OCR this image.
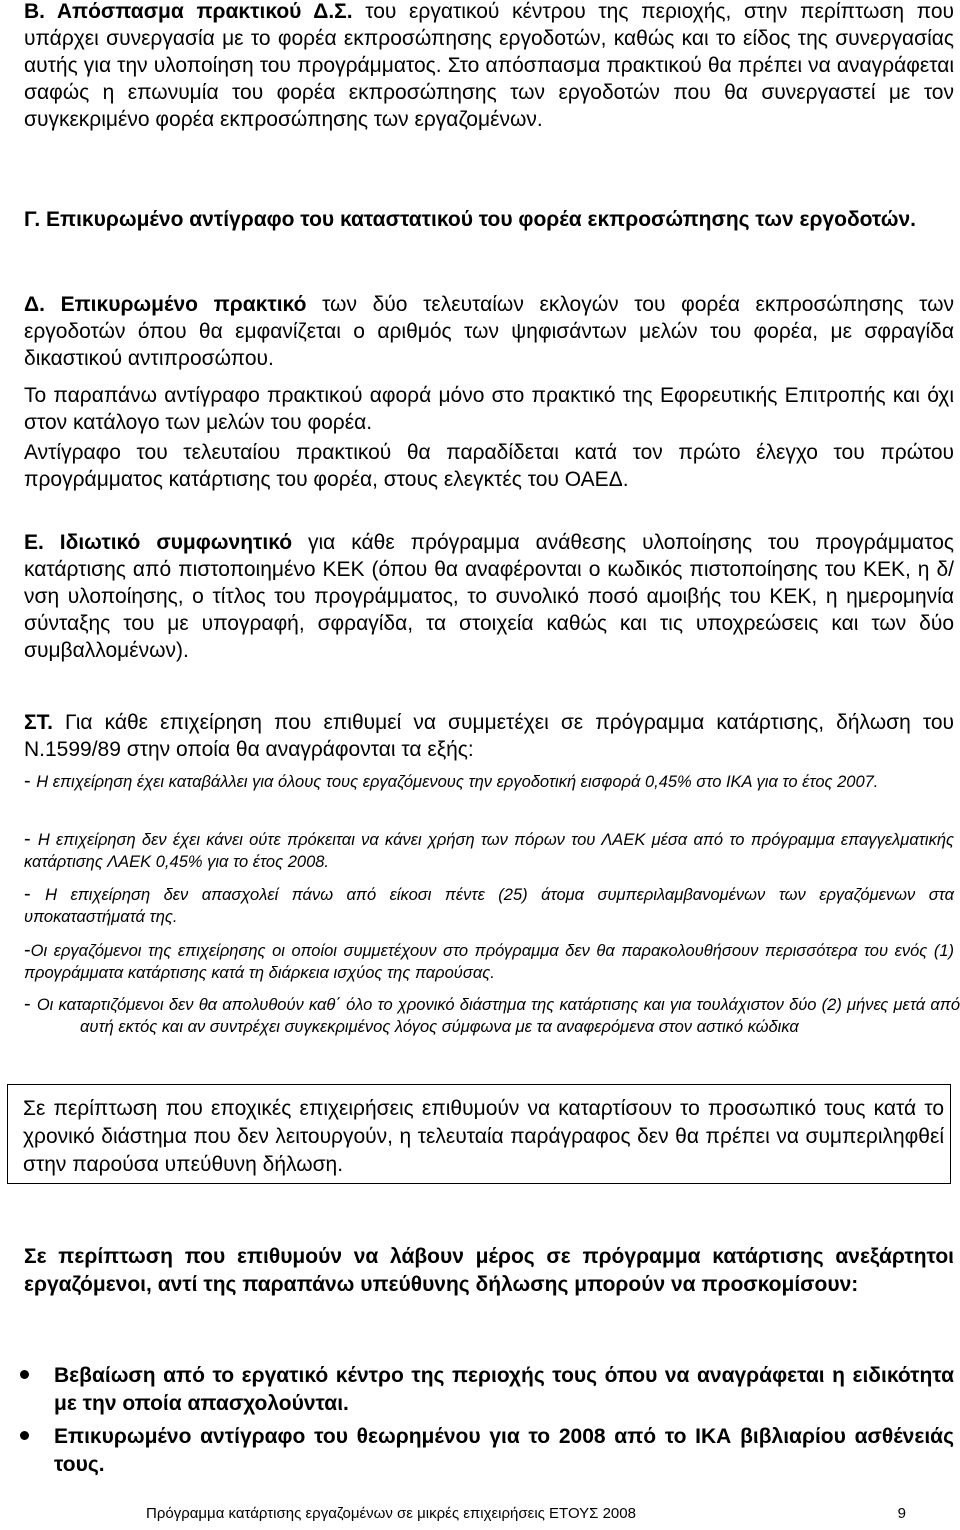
Β. Απόσπασμα πρακτικού Δ.Σ. του εργατικού κέντρου της περιοχής, στην περίπτωση που υπάρχει συνεργασία με το φορέα εκπροσώπησης εργοδοτών, καθώς και το είδος της συνεργασίας αυτής για την υλοποίηση του προγράμματος. Στο απόσπασμα πρακτικού θα πρέπει να αναγράφεται σαφώς η επωνυμία του φορέα εκπροσώπησης των εργοδοτών που θα συνεργαστεί με τον συγκεκριμένο φορέα εκπροσώπησης των εργαζομένων.
Γ. Επικυρωμένο αντίγραφο του καταστατικού του φορέα εκπροσώπησης των εργοδοτών.
Δ. Επικυρωμένο πρακτικό των δύο τελευταίων εκλογών του φορέα εκπροσώπησης των εργοδοτών όπου θα εμφανίζεται ο αριθμός των ψηφισάντων μελών του φορέα, με σφραγίδα δικαστικού αντιπροσώπου.
Το παραπάνω αντίγραφο πρακτικού αφορά μόνο στο πρακτικό της Εφορευτικής Επιτροπής και όχι στον κατάλογο των μελών του φορέα.
Αντίγραφο του τελευταίου πρακτικού θα παραδίδεται κατά τον πρώτο έλεγχο του πρώτου προγράμματος κατάρτισης του φορέα, στους ελεγκτές του ΟΑΕΔ.
Ε. Ιδιωτικό συμφωνητικό για κάθε πρόγραμμα ανάθεσης υλοποίησης του προγράμματος κατάρτισης από πιστοποιημένο ΚΕΚ (όπου θα αναφέρονται ο κωδικός πιστοποίησης του ΚΕΚ, η δ/νση υλοποίησης, ο τίτλος του προγράμματος, το συνολικό ποσό αμοιβής του ΚΕΚ, η ημερομηνία σύνταξης του με υπογραφή, σφραγίδα, τα στοιχεία καθώς και τις υποχρεώσεις και των δύο συμβαλλομένων).
ΣΤ. Για κάθε επιχείρηση που επιθυμεί να συμμετέχει σε πρόγραμμα κατάρτισης, δήλωση του Ν.1599/89 στην οποία θα αναγράφονται τα εξής:
- Η επιχείρηση έχει καταβάλλει για όλους τους εργαζόμενους την εργοδοτική εισφορά 0,45% στο ΙΚΑ για το έτος 2007.
- Η επιχείρηση δεν έχει κάνει ούτε πρόκειται να κάνει χρήση των πόρων του ΛΑΕΚ μέσα από το πρόγραμμα επαγγελματικής κατάρτισης ΛΑΕΚ 0,45% για το έτος 2008.
- Η επιχείρηση δεν απασχολεί πάνω από είκοσι πέντε (25) άτομα συμπεριλαμβανομένων των εργαζόμενων στα υποκαταστήματά της.
-Οι εργαζόμενοι της επιχείρησης οι οποίοι συμμετέχουν στο πρόγραμμα δεν θα παρακολουθήσουν περισσότερα του ενός (1) προγράμματα κατάρτισης κατά τη διάρκεια ισχύος της παρούσας.
- Οι καταρτιζόμενοι δεν θα απολυθούν καθ΄ όλο το χρονικό διάστημα της κατάρτισης και για τουλάχιστον δύο (2) μήνες μετά από αυτή εκτός και αν συντρέχει συγκεκριμένος λόγος σύμφωνα με τα αναφερόμενα στον αστικό κώδικα
Σε περίπτωση που εποχικές επιχειρήσεις επιθυμούν να καταρτίσουν το προσωπικό τους κατά το χρονικό διάστημα που δεν λειτουργούν, η τελευταία παράγραφος δεν θα πρέπει να συμπεριληφθεί στην παρούσα υπεύθυνη δήλωση.
Σε περίπτωση που επιθυμούν να λάβουν μέρος σε πρόγραμμα κατάρτισης ανεξάρτητοι εργαζόμενοι, αντί της παραπάνω υπεύθυνης δήλωσης μπορούν να προσκομίσουν:
Βεβαίωση από το εργατικό κέντρο της περιοχής τους όπου να αναγράφεται η ειδικότητα με την οποία απασχολούνται.
Επικυρωμένο αντίγραφο του θεωρημένου για το 2008 από το ΙΚΑ βιβλιαρίου ασθένειάς τους.
Πρόγραμμα κατάρτισης εργαζομένων σε μικρές επιχειρήσεις ΕΤΟΥΣ 2008	9
